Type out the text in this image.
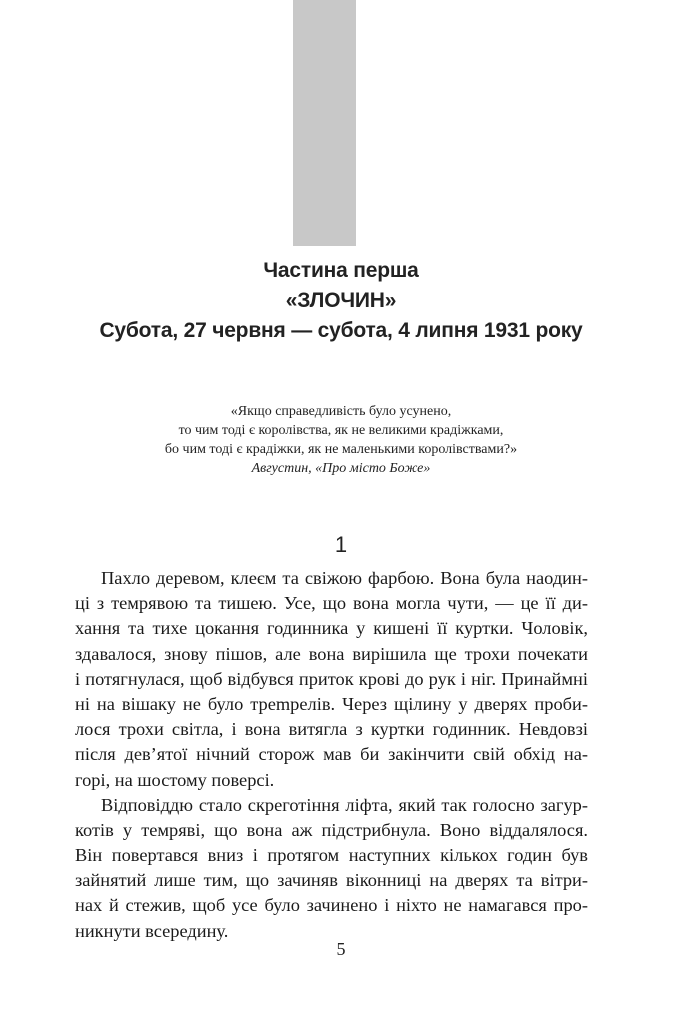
Частина перша
«ЗЛОЧИН»
Субота, 27 червня — субота, 4 липня 1931 року
«Якщо справедливість було усунено,
то чим тоді є королівства, як не великими крадіжками,
бо чим тоді є крадіжки, як не маленькими королівствами?»
Августин, «Про місто Боже»
1
Пахло деревом, клеєм та свіжою фарбою. Вона була наодин-
ці з темрявою та тишею. Усе, що вона могла чути, — це її ди-
хання та тихе цокання годинника у кишені її куртки. Чоловік,
здавалося, знову пішов, але вона вирішила ще трохи почекати
і потягнулася, щоб відбувся приток крові до рук і ніг. Принаймні
ні на вішаку не було трempелів. Через щілину у дверях проби-
лося трохи світла, і вона витягла з куртки годинник. Невдовзі
після дев’ятої нічний сторож мав би закінчити свій обхід на-
горі, на шостому поверсі.
Відповіддю стало скреготіння ліфта, який так голосно загур-
котів у темряві, що вона аж підстрибнула. Воно віддалялося.
Він повертався вниз і протягом наступних кількох годин був
зайнятий лише тим, що зачиняв віконниці на дверях та вітри-
нах й стежив, щоб усе було зачинено і ніхто не намагався про-
никнути всередину.
5
